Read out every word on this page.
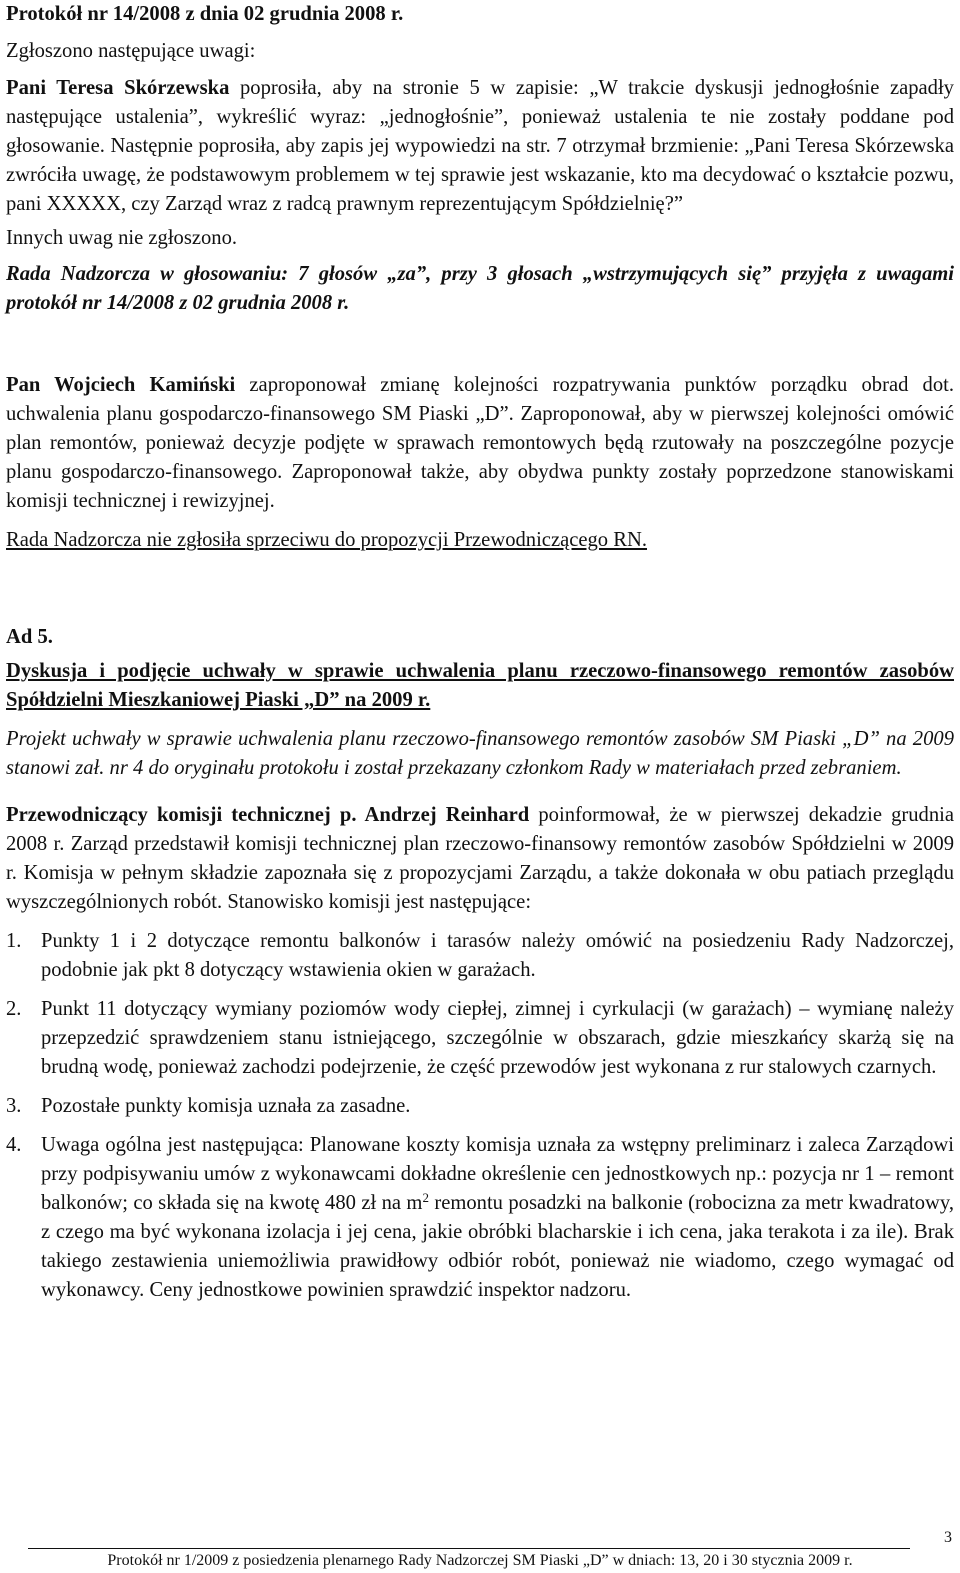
Protokół nr 14/2008 z dnia 02 grudnia 2008 r.

Zgłoszono następujące uwagi:

Pani Teresa Skórzewska poprosiła, aby na stronie 5 w zapisie: „W trakcie dyskusji jednogłośnie zapadły następujące ustalenia”, wykreślić wyraz: „jednogłośnie”, ponieważ ustalenia te nie zostały poddane pod głosowanie. Następnie poprosiła, aby zapis jej wypowiedzi na str. 7 otrzymał brzmienie: „Pani Teresa Skórzewska zwróciła uwagę, że podstawowym problemem w tej sprawie jest wskazanie, kto ma decydować o kształcie pozwu, pani XXXXX, czy Zarząd wraz z radcą prawnym reprezentującym Spółdzielnię?”

Innych uwag nie zgłoszono.

Rada Nadzorcza w głosowaniu: 7 głosów „za”, przy 3 głosach „wstrzymujących się” przyjęła z uwagami protokół nr 14/2008 z 02 grudnia 2008 r.

Pan Wojciech Kamiński zaproponował zmianę kolejności rozpatrywania punktów porządku obrad dot. uchwalenia planu gospodarczo-finansowego SM Piaski „D”. Zaproponował, aby w pierwszej kolejności omówić plan remontów, ponieważ decyzje podjęte w sprawach remontowych będą rzutowały na poszczególne pozycje planu gospodarczo-finansowego. Zaproponował także, aby obydwa punkty zostały poprzedzone stanowiskami komisji technicznej i rewizyjnej.

Rada Nadzorcza nie zgłosiła sprzeciwu do propozycji Przewodniczącego RN.

Ad 5.

Dyskusja i podjęcie uchwały w sprawie uchwalenia planu rzeczowo-finansowego remontów zasobów Spółdzielni Mieszkaniowej Piaski „D” na 2009 r.

Projekt uchwały w sprawie uchwalenia planu rzeczowo-finansowego remontów zasobów SM Piaski „D” na 2009 stanowi zał. nr 4 do oryginału protokołu i został przekazany członkom Rady w materiałach przed zebraniem.

Przewodniczący komisji technicznej p. Andrzej Reinhard poinformował, że w pierwszej dekadzie grudnia 2008 r. Zarząd przedstawił komisji technicznej plan rzeczowo-finansowy remontów zasobów Spółdzielni w 2009 r. Komisja w pełnym składzie zapoznała się z propozycjami Zarządu, a także dokonała w obu patiach przeglądu wyszczególnionych robót. Stanowisko komisji jest następujące:

1. Punkty 1 i 2 dotyczące remontu balkonów i tarasów należy omówić na posiedzeniu Rady Nadzorczej, podobnie jak pkt 8 dotyczący wstawienia okien w garażach.
2. Punkt 11 dotyczący wymiany poziomów wody ciepłej, zimnej i cyrkulacji (w garażach) – wymianę należy przepzedzić sprawdzeniem stanu istniejącego, szczególnie w obszarach, gdzie mieszkańcy skarżą się na brudną wodę, ponieważ zachodzi podejrzenie, że część przewodów jest wykonana z rur stalowych czarnych.
3. Pozostałe punkty komisja uznała za zasadne.
4. Uwaga ogólna jest następująca: Planowane koszty komisja uznała za wstępny preliminarz i zaleca Zarządowi przy podpisywaniu umów z wykonawcami dokładne określenie cen jednostkowych np.: pozycja nr 1 – remont balkonów; co składa się na kwotę 480 zł na $m^2$ remontu posadzki na balkonie (robocizna za metr kwadratowy, z czego ma być wykonana izolacja i jej cena, jakie obróbki blacharskie i ich cena, jaka terakota i za ile). Brak takiego zestawienia uniemożliwia prawidłowy odbiór robót, ponieważ nie wiadomo, czego wymagać od wykonawcy. Ceny jednostkowe powinien sprawdzić inspektor nadzoru.
3
Protokół nr 1/2009 z posiedzenia plenarnego Rady Nadzorczej SM Piaski „D” w dniach: 13, 20 i 30 stycznia 2009 r.
